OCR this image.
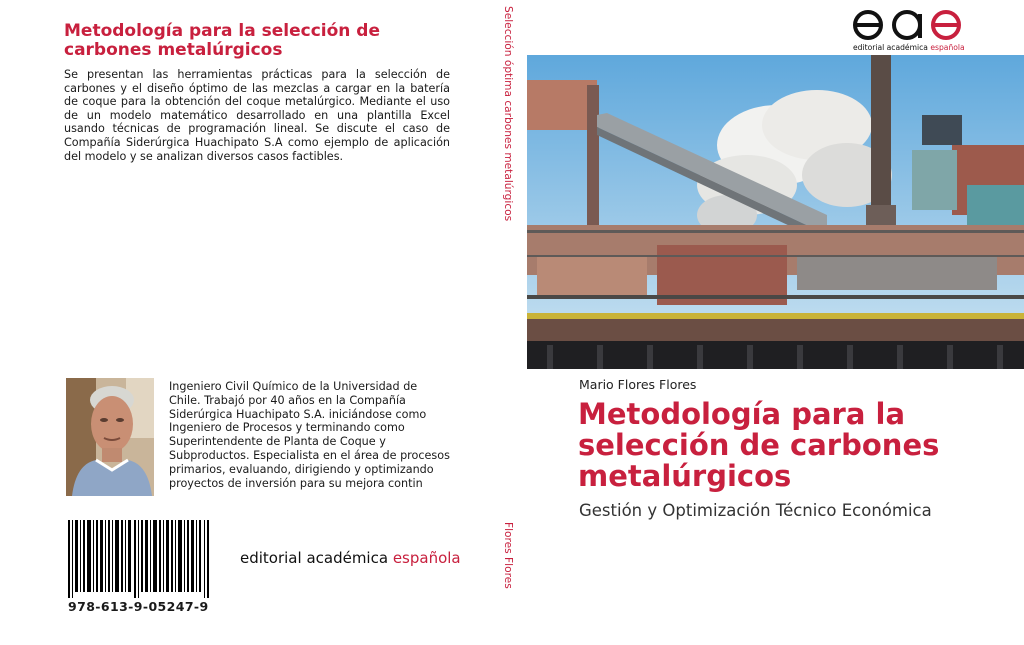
Metodología para la selección de carbones metalúrgicos

Se presentan las herramientas prácticas para la selección de carbones y el diseño óptimo de las mezclas a cargar en la batería de coque para la obtención del coque metalúrgico. Mediante el uso de un modelo matemático desarrollado en una plantilla Excel usando técnicas de programación lineal. Se discute el caso de Compañía Siderúrgica Huachipato S.A como ejemplo de aplicación del modelo y se analizan diversos casos factibles.

Ingeniero Civil Químico de la Universidad de Chile. Trabajó por 40 años en la Compañía Siderúrgica Huachipato S.A. iniciándose como Ingeniero de Procesos y terminando como Superintendente de Planta de Coque y Subproductos. Especialista en el área de procesos primarios, evaluando, dirigiendo y optimizando proyectos de inversión para su mejora contin

978-613-9-05247-9
editorial académica española
Selección óptima carbones metalúrgicos
Flores Flores
editorial académica española
Mario Flores Flores
Metodología para la selección de carbones metalúrgicos

Gestión y Optimización Técnico Económica
